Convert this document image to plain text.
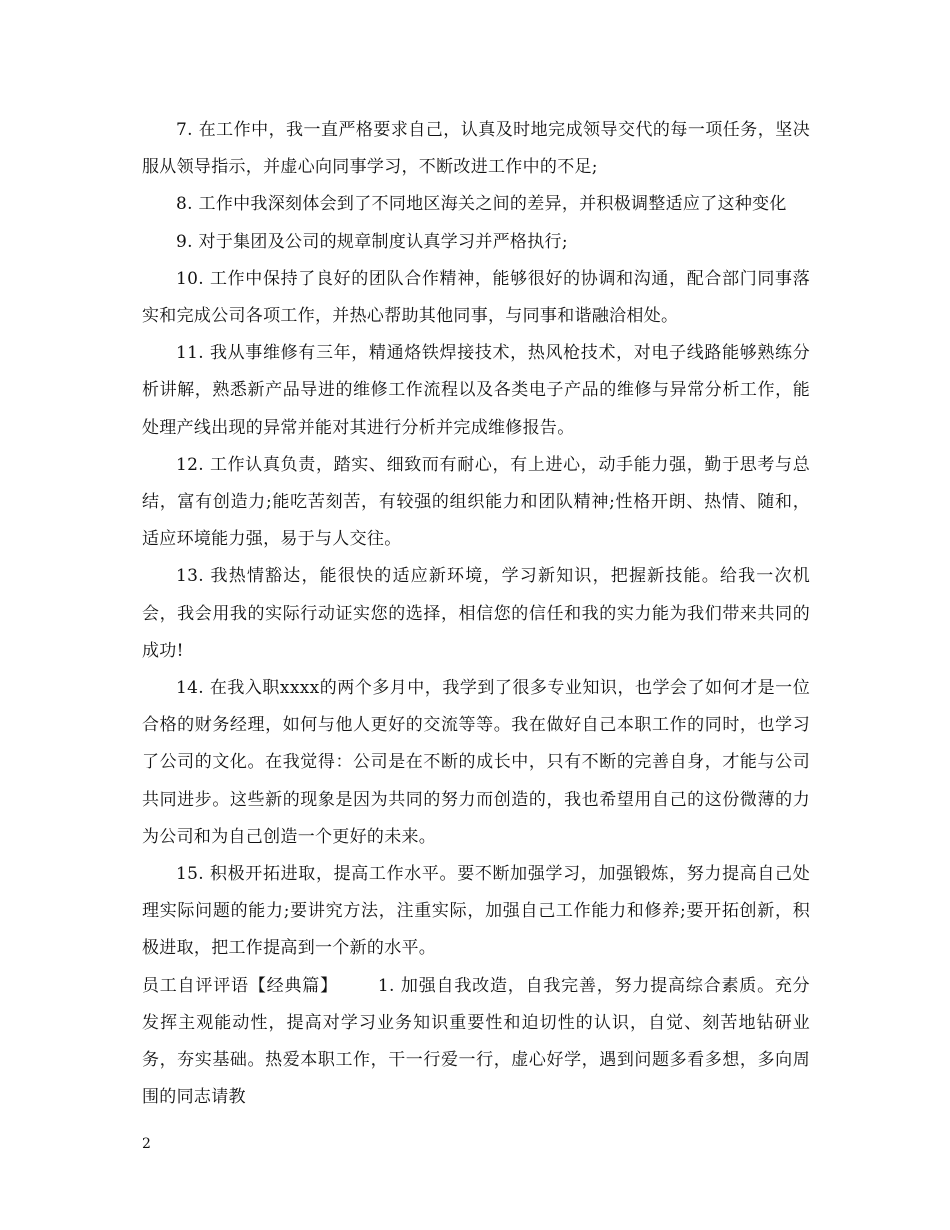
7. 在工作中，我一直严格要求自己，认真及时地完成领导交代的每一项任务，坚决服从领导指示，并虚心向同事学习，不断改进工作中的不足;

8. 工作中我深刻体会到了不同地区海关之间的差异，并积极调整适应了这种变化

9. 对于集团及公司的规章制度认真学习并严格执行;

10. 工作中保持了良好的团队合作精神，能够很好的协调和沟通，配合部门同事落实和完成公司各项工作，并热心帮助其他同事，与同事和谐融洽相处。

11. 我从事维修有三年，精通烙铁焊接技术，热风枪技术，对电子线路能够熟练分析讲解，熟悉新产品导进的维修工作流程以及各类电子产品的维修与异常分析工作，能处理产线出现的异常并能对其进行分析并完成维修报告。

12. 工作认真负责，踏实、细致而有耐心，有上进心，动手能力强，勤于思考与总结，富有创造力;能吃苦刻苦，有较强的组织能力和团队精神;性格开朗、热情、随和，适应环境能力强，易于与人交往。

13. 我热情豁达，能很快的适应新环境，学习新知识，把握新技能。给我一次机会，我会用我的实际行动证实您的选择，相信您的信任和我的实力能为我们带来共同的成功!

14. 在我入职xxxx的两个多月中，我学到了很多专业知识，也学会了如何才是一位合格的财务经理，如何与他人更好的交流等等。我在做好自己本职工作的同时，也学习了公司的文化。在我觉得：公司是在不断的成长中，只有不断的完善自身，才能与公司共同进步。这些新的现象是因为共同的努力而创造的，我也希望用自己的这份微薄的力为公司和为自己创造一个更好的未来。

15. 积极开拓进取，提高工作水平。要不断加强学习，加强锻炼，努力提高自己处理实际问题的能力;要讲究方法，注重实际，加强自己工作能力和修养;要开拓创新，积极进取，把工作提高到一个新的水平。

员工自评评语【经典篇】 1. 加强自我改造，自我完善，努力提高综合素质。充分发挥主观能动性，提高对学习业务知识重要性和迫切性的认识，自觉、刻苦地钻研业务，夯实基础。热爱本职工作，干一行爱一行，虚心好学，遇到问题多看多想，多向周围的同志请教

2
